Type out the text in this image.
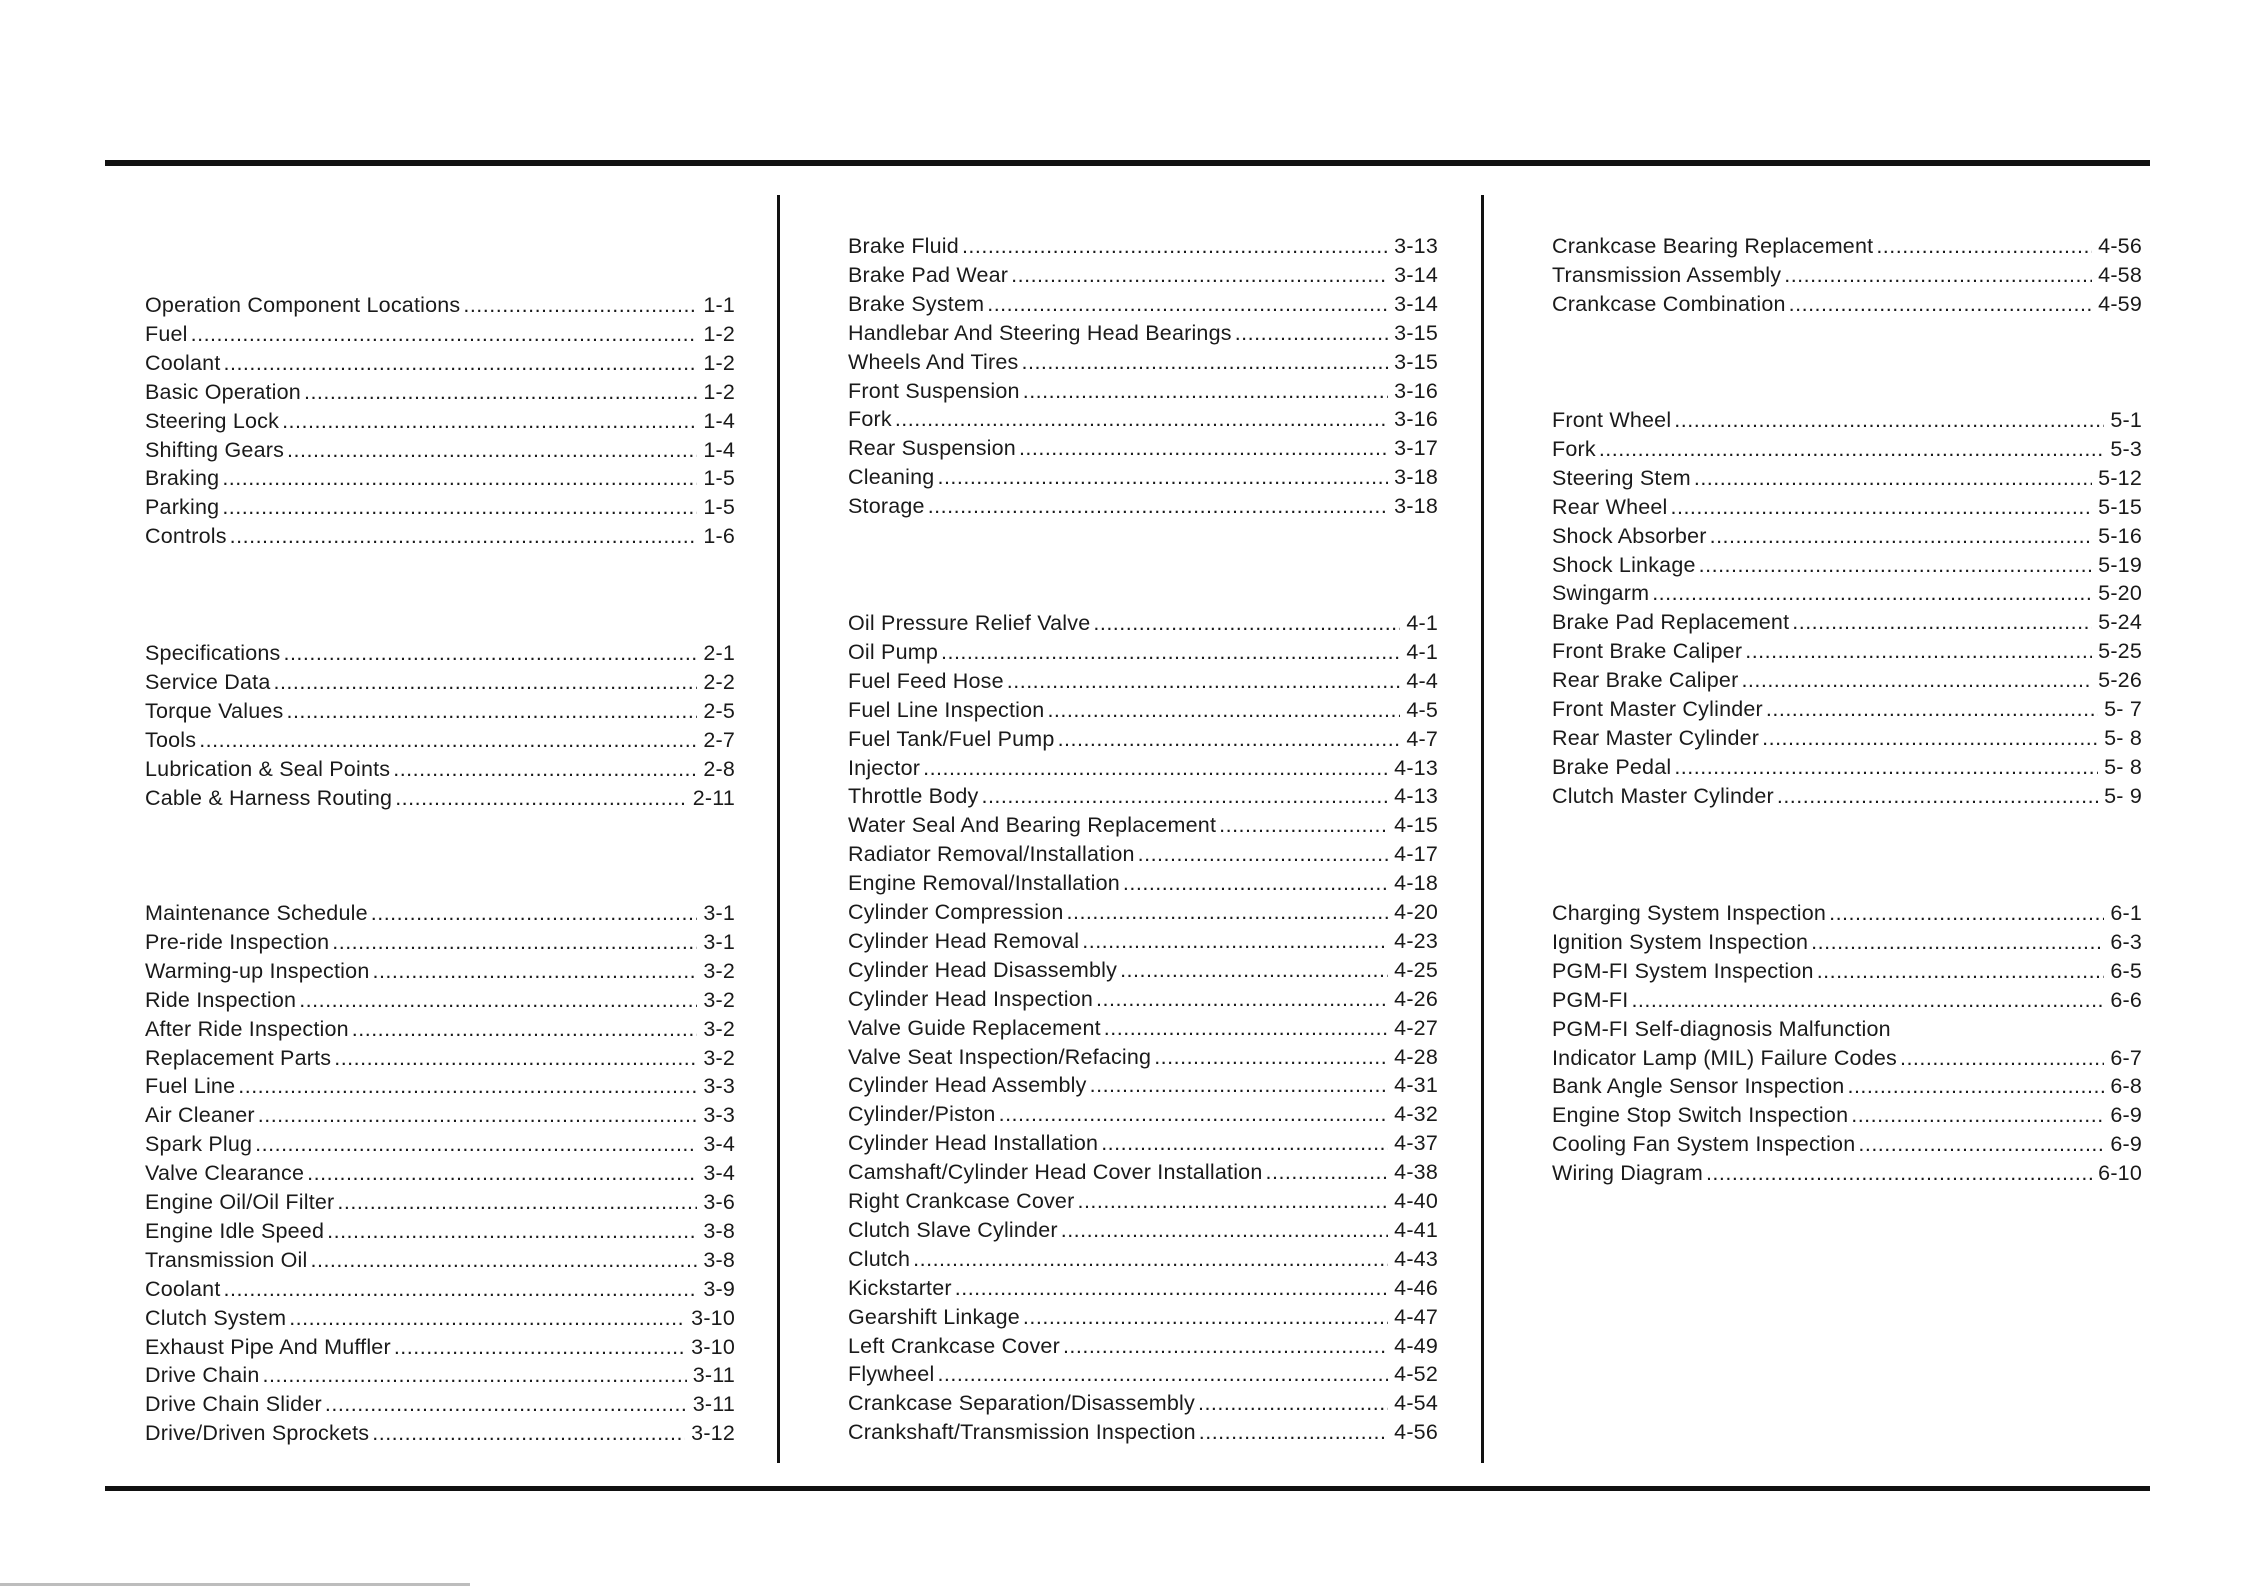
Operation Component Locations .....	1-1
Fuel .....	1-2
Coolant .....	1-2
Basic Operation .....	1-2
Steering Lock .....	1-4
Shifting Gears .....	1-4
Braking .....	1-5
Parking .....	1-5
Controls .....	1-6
Specifications .....	2-1
Service Data .....	2-2
Torque Values .....	2-5
Tools .....	2-7
Lubrication & Seal Points .....	2-8
Cable & Harness Routing .....	2-11
Maintenance Schedule .....	3-1
Pre-ride Inspection .....	3-1
Warming-up Inspection .....	3-2
Ride Inspection .....	3-2
After Ride Inspection .....	3-2
Replacement Parts .....	3-2
Fuel Line .....	3-3
Air Cleaner .....	3-3
Spark Plug .....	3-4
Valve Clearance .....	3-4
Engine Oil/Oil Filter .....	3-6
Engine Idle Speed .....	3-8
Transmission Oil .....	3-8
Coolant .....	3-9
Clutch System .....	3-10
Exhaust Pipe And Muffler .....	3-10
Drive Chain .....	3-11
Drive Chain Slider .....	3-11
Drive/Driven Sprockets .....	3-12
Brake Fluid .....	3-13
Brake Pad Wear .....	3-14
Brake System .....	3-14
Handlebar And Steering Head Bearings .....	3-15
Wheels And Tires .....	3-15
Front Suspension .....	3-16
Fork .....	3-16
Rear Suspension .....	3-17
Cleaning .....	3-18
Storage .....	3-18
Oil Pressure Relief Valve .....	4-1
Oil Pump .....	4-1
Fuel Feed Hose .....	4-4
Fuel Line Inspection .....	4-5
Fuel Tank/Fuel Pump .....	4-7
Injector .....	4-13
Throttle Body .....	4-13
Water Seal And Bearing Replacement .....	4-15
Radiator Removal/Installation .....	4-17
Engine Removal/Installation .....	4-18
Cylinder Compression .....	4-20
Cylinder Head Removal .....	4-23
Cylinder Head Disassembly .....	4-25
Cylinder Head Inspection .....	4-26
Valve Guide Replacement .....	4-27
Valve Seat Inspection/Refacing .....	4-28
Cylinder Head Assembly .....	4-31
Cylinder/Piston .....	4-32
Cylinder Head Installation .....	4-37
Camshaft/Cylinder Head Cover Installation .....	4-38
Right Crankcase Cover .....	4-40
Clutch Slave Cylinder .....	4-41
Clutch .....	4-43
Kickstarter .....	4-46
Gearshift Linkage .....	4-47
Left Crankcase Cover .....	4-49
Flywheel .....	4-52
Crankcase Separation/Disassembly .....	4-54
Crankshaft/Transmission Inspection .....	4-56
Crankcase Bearing Replacement .....	4-56
Transmission Assembly .....	4-58
Crankcase Combination .....	4-59
Front Wheel .....	5-1
Fork .....	5-3
Steering Stem .....	5-12
Rear Wheel .....	5-15
Shock Absorber .....	5-16
Shock Linkage .....	5-19
Swingarm .....	5-20
Brake Pad Replacement .....	5-24
Front Brake Caliper .....	5-25
Rear Brake Caliper .....	5-26
Front Master Cylinder .....	5- 7
Rear Master Cylinder .....	5- 8
Brake Pedal .....	5- 8
Clutch Master Cylinder .....	5- 9
Charging System Inspection .....	6-1
Ignition System Inspection .....	6-3
PGM-FI System Inspection .....	6-5
PGM-FI .....	6-6
PGM-FI Self-diagnosis Malfunction
Indicator Lamp (MIL) Failure Codes .....	6-7
Bank Angle Sensor Inspection .....	6-8
Engine Stop Switch Inspection .....	6-9
Cooling Fan System Inspection .....	6-9
Wiring Diagram .....	6-10
